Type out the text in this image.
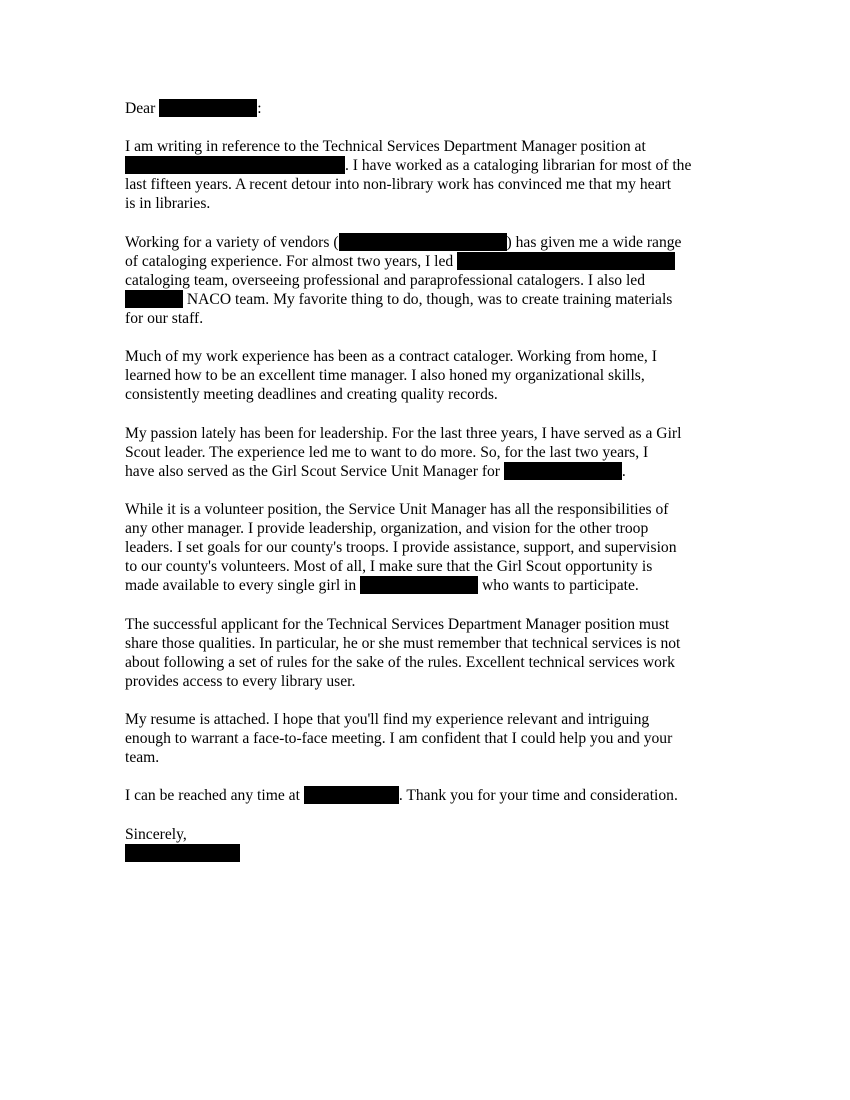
Dear	:

I am writing in reference to the Technical Services Department Manager position at
. I have worked as a cataloging librarian for most of the
last fifteen years. A recent detour into non-library work has convinced me that my heart
is in libraries.

Working for a variety of vendors (	) has given me a wide range
of cataloging experience. For almost two years, I led
cataloging team, overseeing professional and paraprofessional catalogers. I also led
NACO team. My favorite thing to do, though, was to create training materials
for our staff.

Much of my work experience has been as a contract cataloger. Working from home, I
learned how to be an excellent time manager. I also honed my organizational skills,
consistently meeting deadlines and creating quality records.

My passion lately has been for leadership. For the last three years, I have served as a Girl
Scout leader. The experience led me to want to do more. So, for the last two years, I
have also served as the Girl Scout Service Unit Manager for	.

While it is a volunteer position, the Service Unit Manager has all the responsibilities of
any other manager. I provide leadership, organization, and vision for the other troop
leaders. I set goals for our county's troops. I provide assistance, support, and supervision
to our county's volunteers. Most of all, I make sure that the Girl Scout opportunity is
made available to every single girl in	who wants to participate.

The successful applicant for the Technical Services Department Manager position must
share those qualities. In particular, he or she must remember that technical services is not
about following a set of rules for the sake of the rules. Excellent technical services work
provides access to every library user.

My resume is attached. I hope that you'll find my experience relevant and intriguing
enough to warrant a face-to-face meeting. I am confident that I could help you and your
team.

I can be reached any time at	. Thank you for your time and consideration.

Sincerely,
